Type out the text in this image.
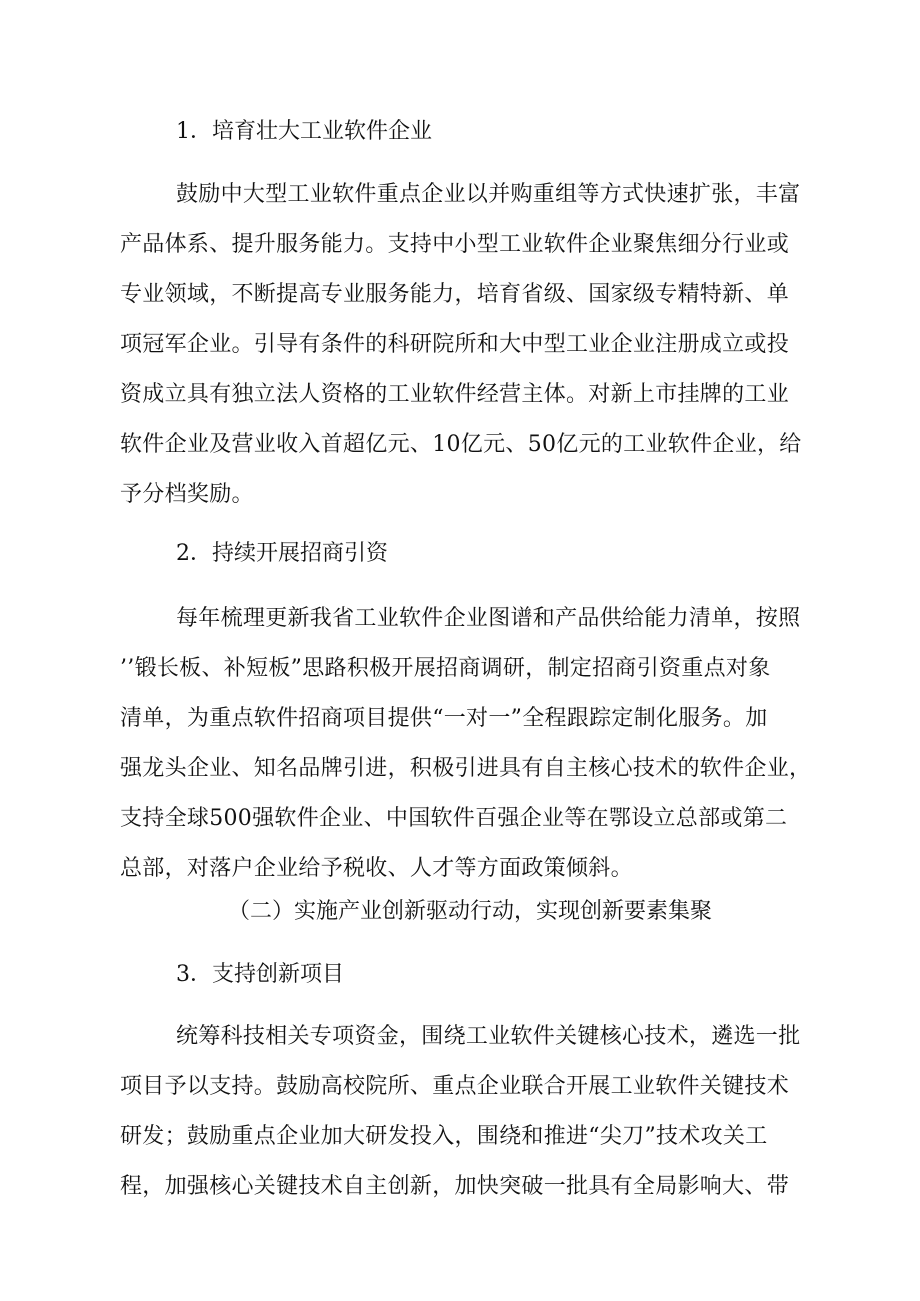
1．培育壮大工业软件企业
鼓励中大型工业软件重点企业以并购重组等方式快速扩张，丰富
产品体系、提升服务能力。支持中小型工业软件企业聚焦细分行业或
专业领域，不断提高专业服务能力，培育省级、国家级专精特新、单
项冠军企业。引导有条件的科研院所和大中型工业企业注册成立或投
资成立具有独立法人资格的工业软件经营主体。对新上市挂牌的工业
软件企业及营业收入首超亿元、10亿元、50亿元的工业软件企业，给
予分档奖励。
2．持续开展招商引资
每年梳理更新我省工业软件企业图谱和产品供给能力清单，按照
’’锻长板、补短板”思路积极开展招商调研，制定招商引资重点对象
清单，为重点软件招商项目提供“一对一”全程跟踪定制化服务。加
强龙头企业、知名品牌引进，积极引进具有自主核心技术的软件企业，
支持全球500强软件企业、中国软件百强企业等在鄂设立总部或第二
总部，对落户企业给予税收、人才等方面政策倾斜。
（二）实施产业创新驱动行动，实现创新要素集聚
3．支持创新项目
统筹科技相关专项资金，围绕工业软件关键核心技术，遴选一批
项目予以支持。鼓励高校院所、重点企业联合开展工业软件关键技术
研发；鼓励重点企业加大研发投入，围绕和推进“尖刀”技术攻关工
程，加强核心关键技术自主创新，加快突破一批具有全局影响大、带
